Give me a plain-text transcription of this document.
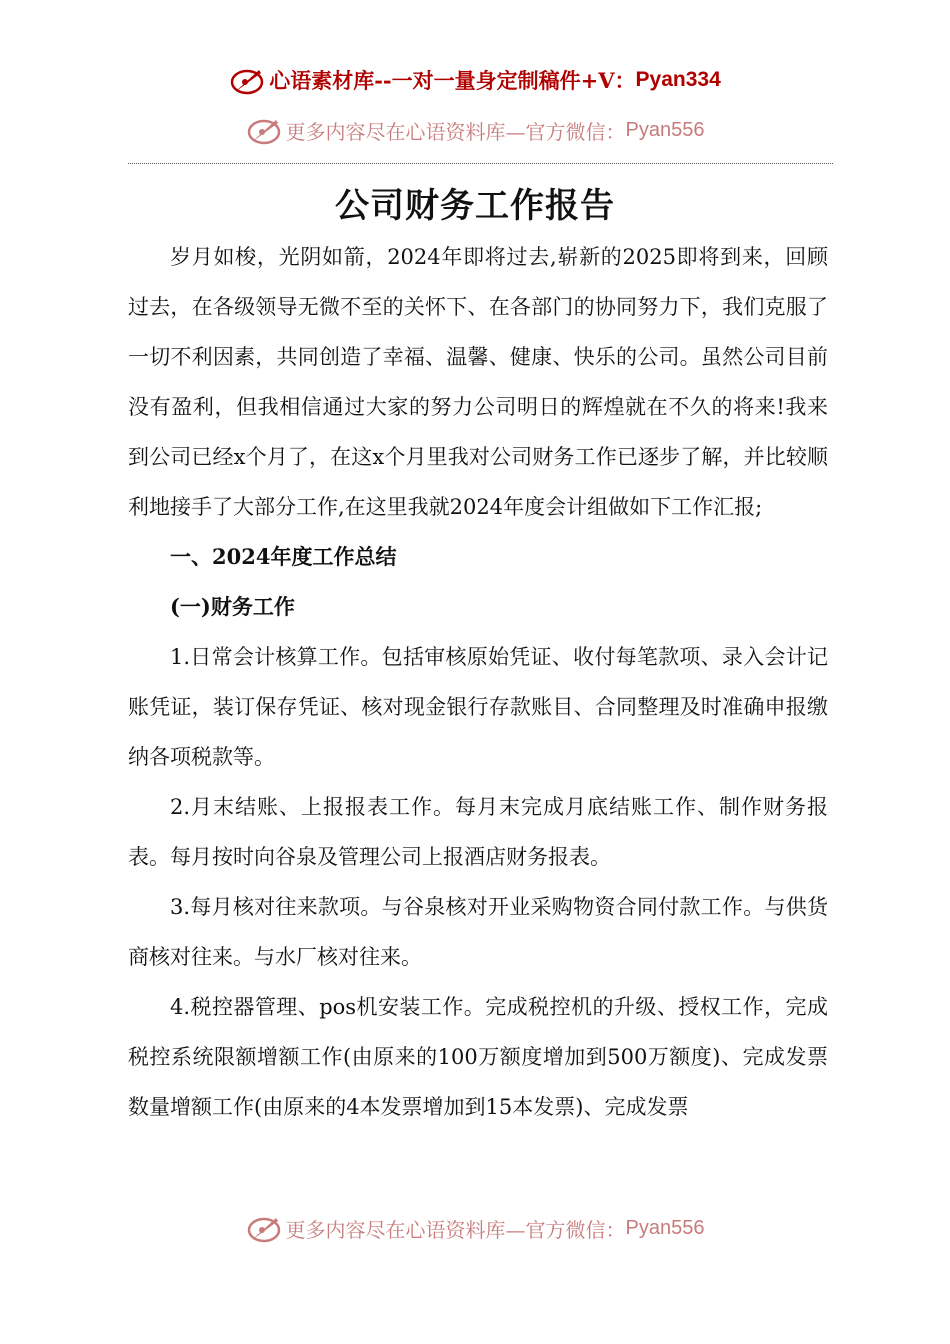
心语素材库--一对一量身定制稿件+V： Pyan334
更多内容尽在心语资料库—官方微信： Pyan556
公司财务工作报告

岁月如梭，光阴如箭，2024年即将过去,崭新的2025即将到来，回顾过去，在各级领导无微不至的关怀下、在各部门的协同努力下，我们克服了一切不利因素，共同创造了幸福、温馨、健康、快乐的公司。虽然公司目前没有盈利，但我相信通过大家的努力公司明日的辉煌就在不久的将来!我来到公司已经x个月了，在这x个月里我对公司财务工作已逐步了解，并比较顺利地接手了大部分工作,在这里我就2024年度会计组做如下工作汇报;

一、2024年度工作总结

(一)财务工作

1.日常会计核算工作。包括审核原始凭证、收付每笔款项、录入会计记账凭证，装订保存凭证、核对现金银行存款账目、合同整理及时准确申报缴纳各项税款等。

2.月末结账、上报报表工作。每月末完成月底结账工作、制作财务报表。每月按时向谷泉及管理公司上报酒店财务报表。

3.每月核对往来款项。与谷泉核对开业采购物资合同付款工作。与供货商核对往来。与水厂核对往来。

4.税控器管理、pos机安装工作。完成税控机的升级、授权工作，完成税控系统限额增额工作(由原来的100万额度增加到500万额度)、完成发票数量增额工作(由原来的4本发票增加到15本发票)、完成发票

更多内容尽在心语资料库—官方微信： Pyan556
